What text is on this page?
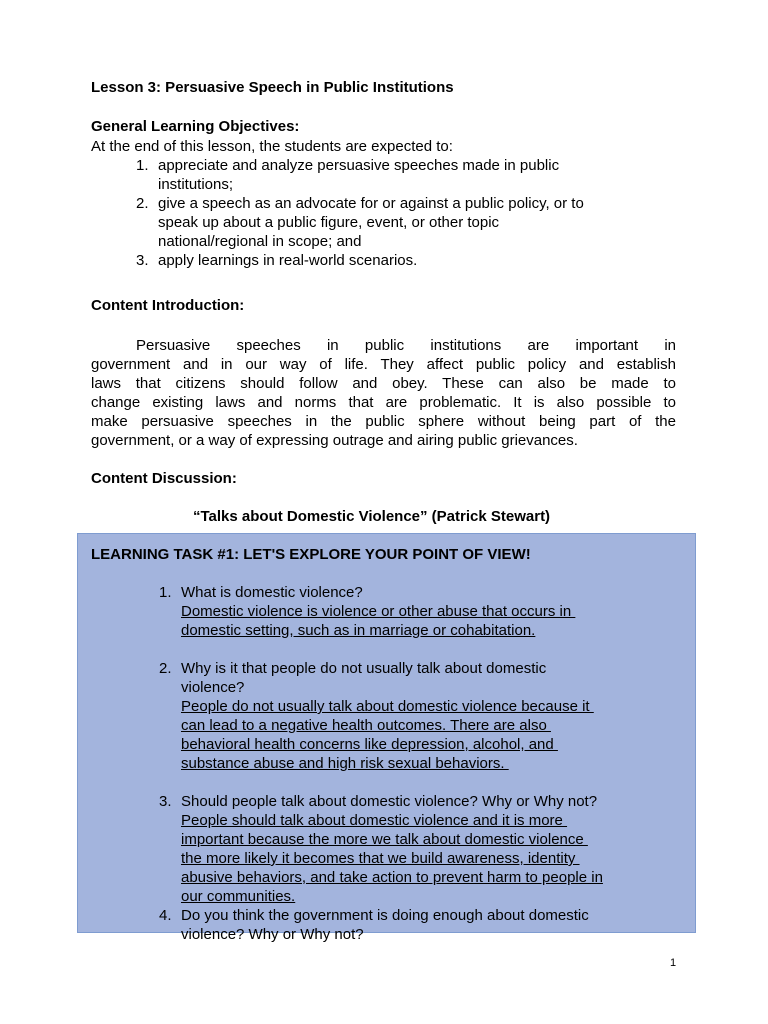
Lesson 3: Persuasive Speech in Public Institutions
General Learning Objectives:
At the end of this lesson, the students are expected to:
1. appreciate and analyze persuasive speeches made in public
institutions;
2. give a speech as an advocate for or against a public policy, or to
speak up about a public figure, event, or other topic
national/regional in scope; and
3. apply learnings in real-world scenarios.
Content Introduction:
Persuasive speeches in public institutions are important in
government and in our way of life. They affect public policy and establish
laws that citizens should follow and obey. These can also be made to
change existing laws and norms that are problematic. It is also possible to
make persuasive speeches in the public sphere without being part of the
government, or a way of expressing outrage and airing public grievances.
Content Discussion:
“Talks about Domestic Violence” (Patrick Stewart)
LEARNING TASK #1: LET'S EXPLORE YOUR POINT OF VIEW!
1. What is domestic violence?
Domestic violence is violence or other abuse that occurs in
domestic setting, such as in marriage or cohabitation.
2. Why is it that people do not usually talk about domestic
violence?
People do not usually talk about domestic violence because it
can lead to a negative health outcomes. There are also
behavioral health concerns like depression, alcohol, and
substance abuse and high risk sexual behaviors.
3. Should people talk about domestic violence? Why or Why not?
People should talk about domestic violence and it is more
important because the more we talk about domestic violence
the more likely it becomes that we build awareness, identity
abusive behaviors, and take action to prevent harm to people in
our communities.
4. Do you think the government is doing enough about domestic
violence? Why or Why not?
1
